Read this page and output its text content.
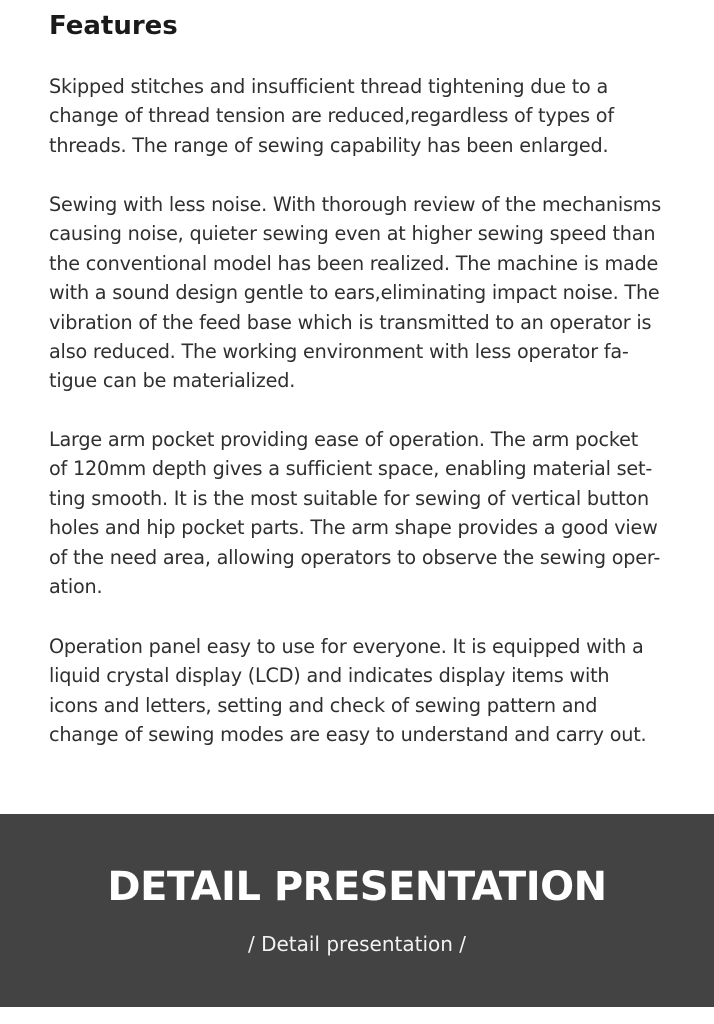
Features

Skipped stitches and insufficient thread tightening due to a
change of thread tension are reduced,regardless of types of
threads. The range of sewing capability has been enlarged.

Sewing with less noise. With thorough review of the mechanisms
causing noise, quieter sewing even at higher sewing speed than
the conventional model has been realized. The machine is made
with a sound design gentle to ears,eliminating impact noise. The
vibration of the feed base which is transmitted to an operator is
also reduced. The working environment with less operator fa-
tigue can be materialized.

Large arm pocket providing ease of operation. The arm pocket
of 120mm depth gives a sufficient space, enabling material set-
ting smooth. It is the most suitable for sewing of vertical button
holes and hip pocket parts. The arm shape provides a good view
of the need area, allowing operators to observe the sewing oper-
ation.

Operation panel easy to use for everyone. It is equipped with a
liquid crystal display (LCD) and indicates display items with
icons and letters, setting and check of sewing pattern and
change of sewing modes are easy to understand and carry out.

DETAIL PRESENTATION

/ Detail presentation /
